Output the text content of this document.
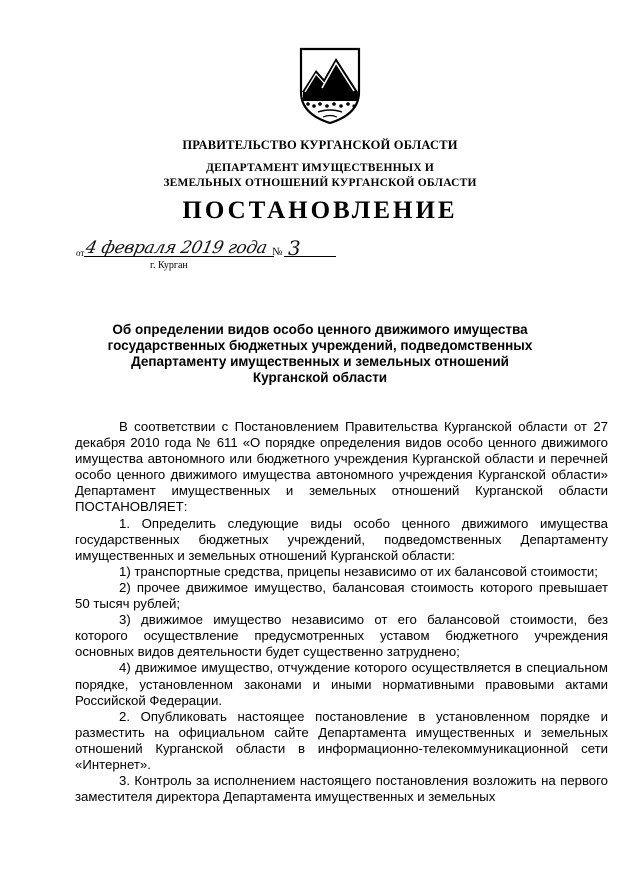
ПРАВИТЕЛЬСТВО КУРГАНСКОЙ ОБЛАСТИ
ДЕПАРТАМЕНТ ИМУЩЕСТВЕННЫХ И
ЗЕМЕЛЬНЫХ ОТНОШЕНИЙ КУРГАНСКОЙ ОБЛАСТИ
ПОСТАНОВЛЕНИЕ
от 4 февраля 2019 года № 3
г. Курган
Об определении видов особо ценного движимого имущества государственных бюджетных учреждений, подведомственных Департаменту имущественных и земельных отношений Курганской области

В соответствии с Постановлением Правительства Курганской области от 27 декабря 2010 года № 611 «О порядке определения видов особо ценного движимого имущества автономного или бюджетного учреждения Курганской области и перечней особо ценного движимого имущества автономного учреждения Курганской области» Департамент имущественных и земельных отношений Курганской области ПОСТАНОВЛЯЕТ:

1. Определить следующие виды особо ценного движимого имущества государственных бюджетных учреждений, подведомственных Департаменту имущественных и земельных отношений Курганской области:

1) транспортные средства, прицепы независимо от их балансовой стоимости;

2) прочее движимое имущество, балансовая стоимость которого превышает 50 тысяч рублей;

3) движимое имущество независимо от его балансовой стоимости, без которого осуществление предусмотренных уставом бюджетного учреждения основных видов деятельности будет существенно затруднено;

4) движимое имущество, отчуждение которого осуществляется в специальном порядке, установленном законами и иными нормативными правовыми актами Российской Федерации.

2. Опубликовать настоящее постановление в установленном порядке и разместить на официальном сайте Департамента имущественных и земельных отношений Курганской области в информационно-телекоммуникационной сети «Интернет».

3. Контроль за исполнением настоящего постановления возложить на первого заместителя директора Департамента имущественных и земельных
